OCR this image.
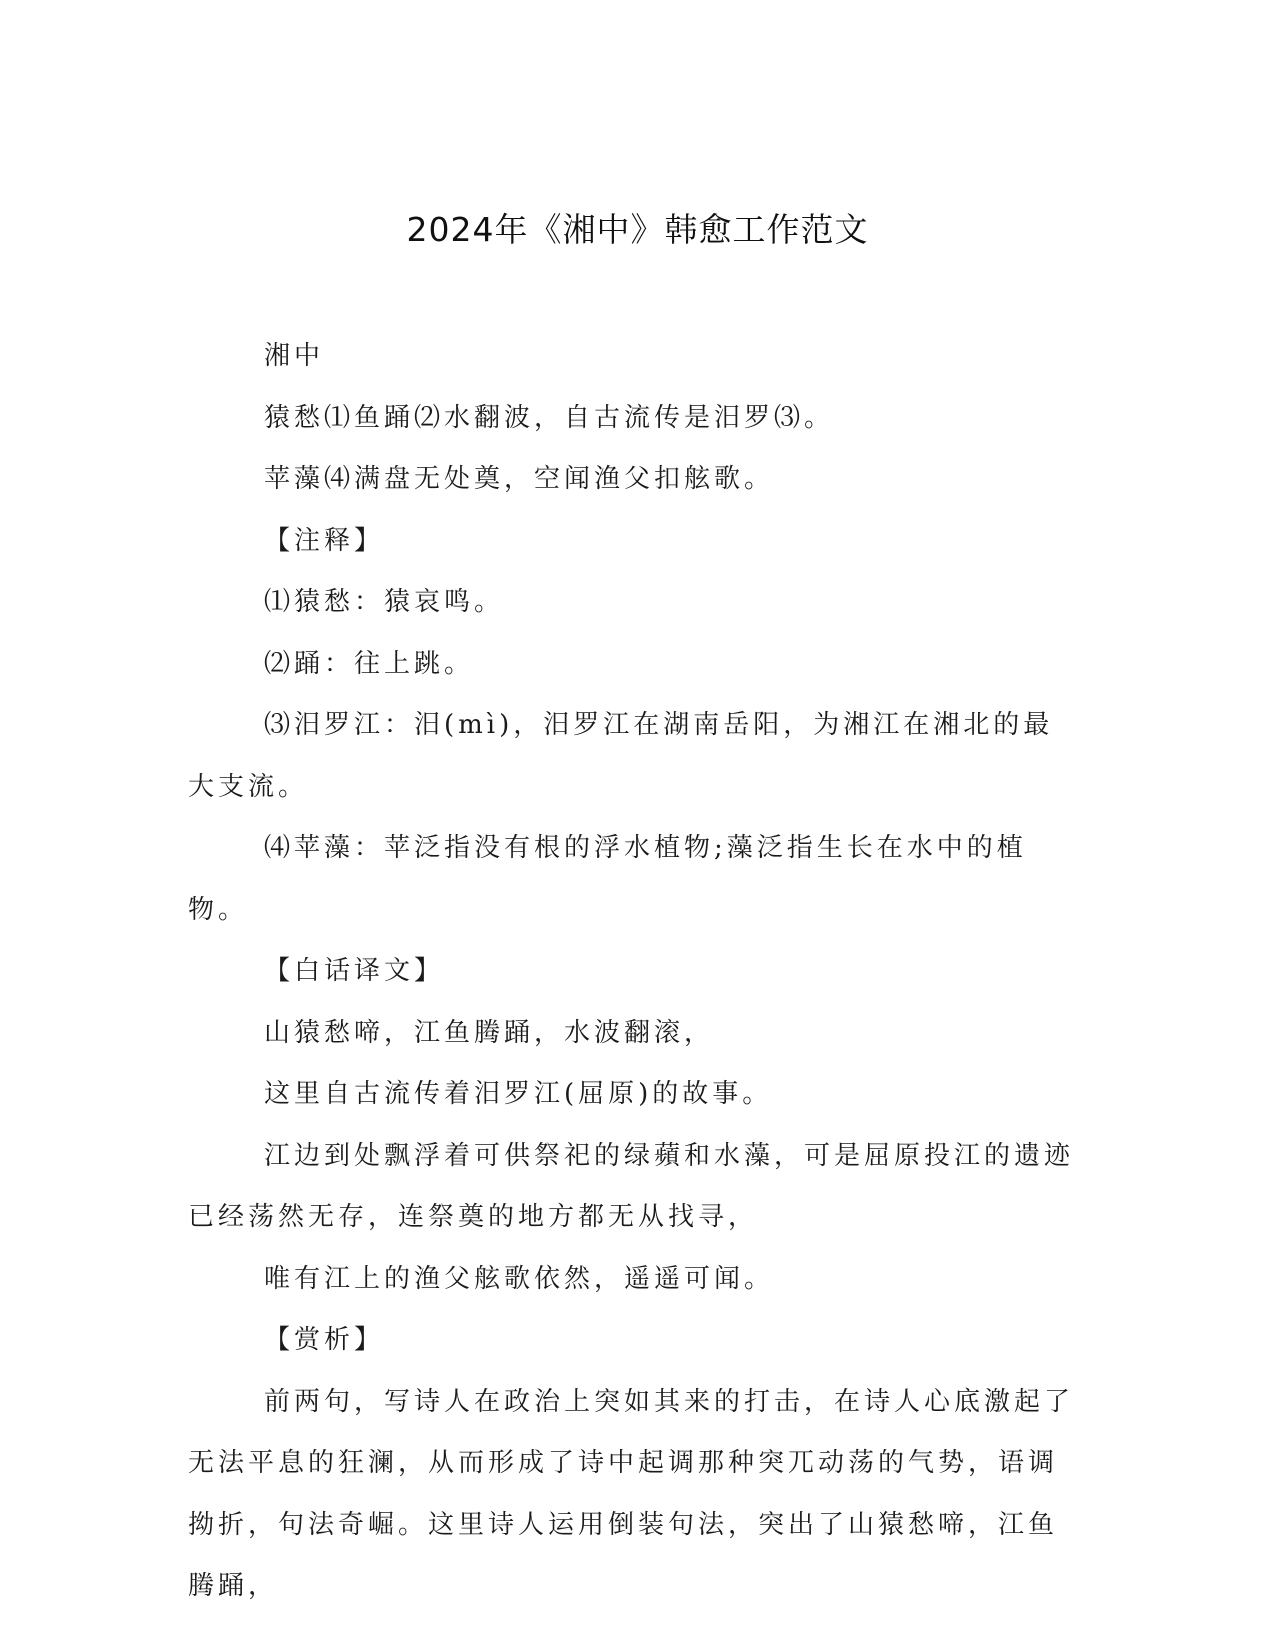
2024年《湘中》韩愈工作范文

湘中

猿愁⑴鱼踊⑵水翻波，自古流传是汨罗⑶。

苹藻⑷满盘无处奠，空闻渔父扣舷歌。

【注释】

⑴猿愁：猿哀鸣。

⑵踊：往上跳。

⑶汨罗江：汨(mì)，汨罗江在湖南岳阳，为湘江在湘北的最大支流。

⑷苹藻：苹泛指没有根的浮水植物;藻泛指生长在水中的植物。

【白话译文】

山猿愁啼，江鱼腾踊，水波翻滚，

这里自古流传着汨罗江(屈原)的故事。

江边到处飘浮着可供祭祀的绿蘋和水藻，可是屈原投江的遗迹已经荡然无存，连祭奠的地方都无从找寻，

唯有江上的渔父舷歌依然，遥遥可闻。

【赏析】

前两句，写诗人在政治上突如其来的打击，在诗人心底激起了无法平息的狂澜，从而形成了诗中起调那种突兀动荡的气势，语调拗折，句法奇崛。这里诗人运用倒装句法，突出了山猿愁啼，江鱼腾踊，
